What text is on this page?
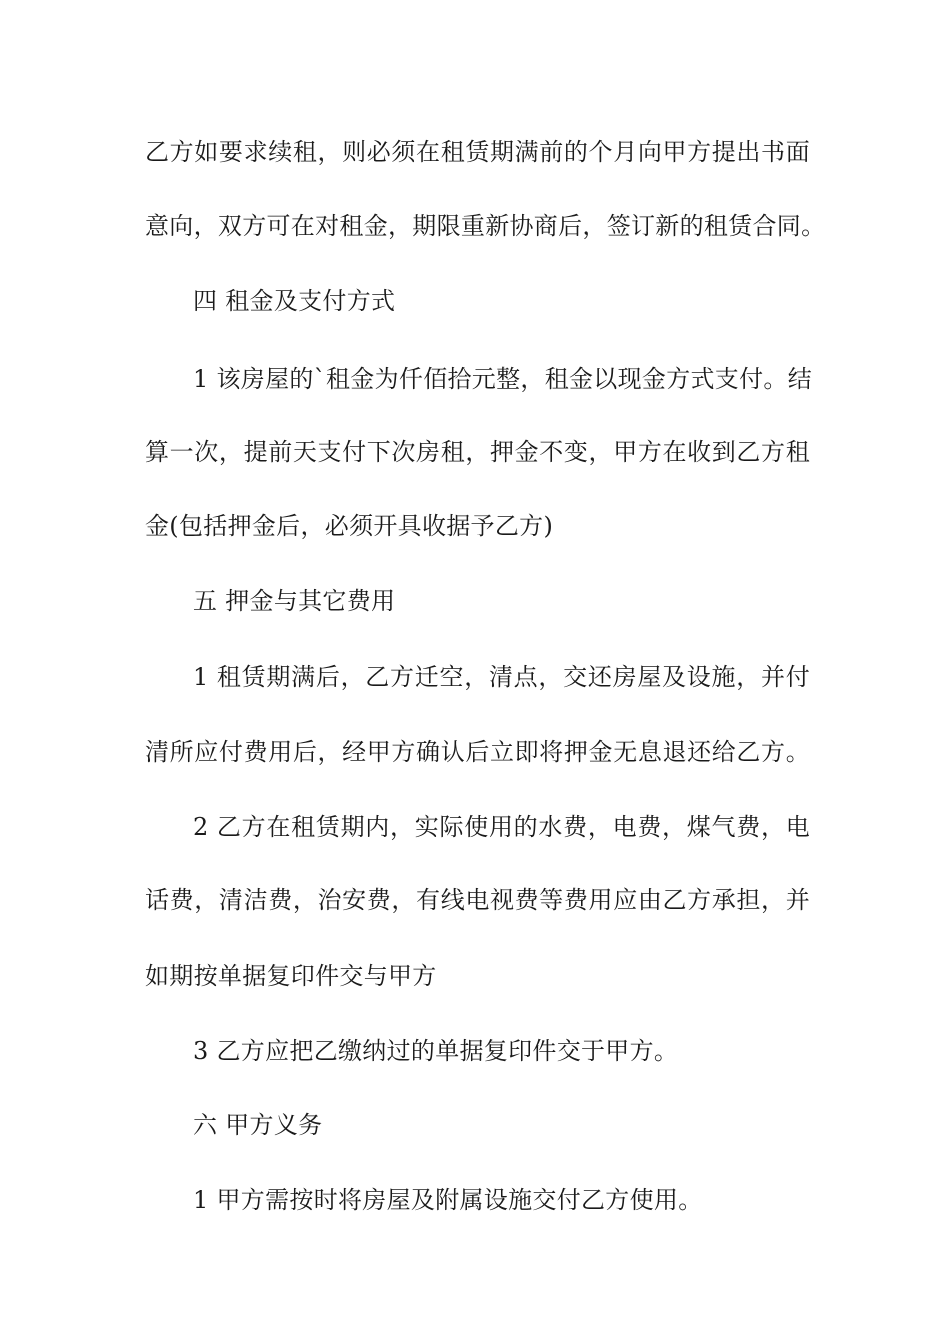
乙方如要求续租，则必须在租赁期满前的个月向甲方提出书面
意向，双方可在对租金，期限重新协商后，签订新的租赁合同。
四 租金及支付方式
1 该房屋的`租金为仟佰拾元整，租金以现金方式支付。结
算一次，提前天支付下次房租，押金不变，甲方在收到乙方租
金(包括押金后，必须开具收据予乙方)
五 押金与其它费用
1 租赁期满后，乙方迁空，清点，交还房屋及设施，并付
清所应付费用后，经甲方确认后立即将押金无息退还给乙方。
2 乙方在租赁期内，实际使用的水费，电费，煤气费，电
话费，清洁费，治安费，有线电视费等费用应由乙方承担，并
如期按单据复印件交与甲方
3 乙方应把乙缴纳过的单据复印件交于甲方。
六 甲方义务
1 甲方需按时将房屋及附属设施交付乙方使用。
